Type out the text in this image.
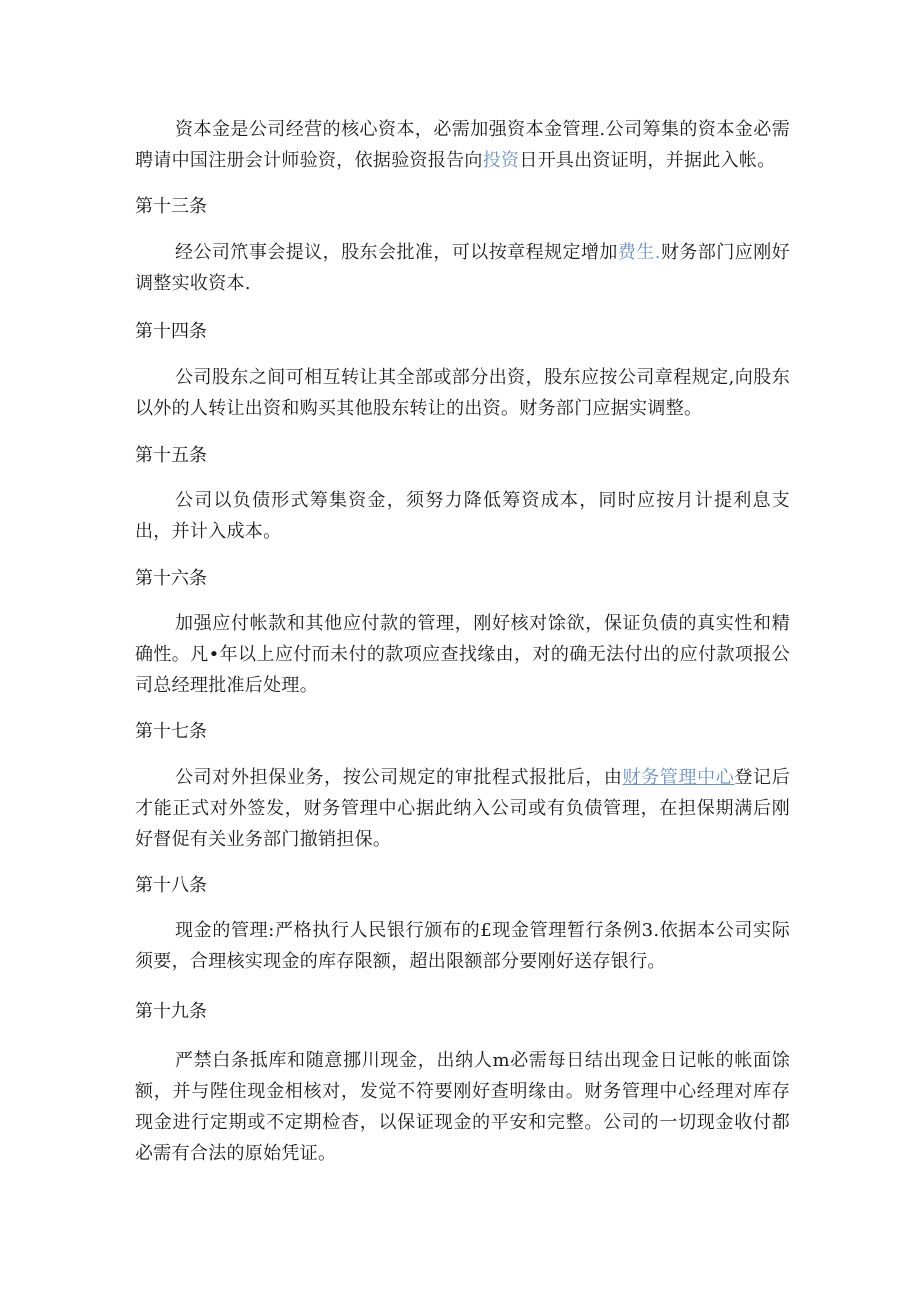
资本金是公司经营的核心资本，必需加强资本金管理.公司筹集的资本金必需聘请中国注册会计师验资，依据验资报告向投资日开具出资证明，并据此入帐。

第十三条

经公司笊事会提议，股东会批准，可以按章程规定增加费生.财务部门应刚好调整实收资本.

第十四条

公司股东之间可相互转让其全部或部分出资，股东应按公司章程规定,向股东以外的人转让出资和购买其他股东转让的出资。财务部门应据实调整。

第十五条

公司以负债形式筹集资金，须努力降低筹资成本，同时应按月计提利息支出，并计入成本。

第十六条

加强应付帐款和其他应付款的管理，刚好核对馀欲，保证负债的真实性和精确性。凡•年以上应付而未付的款项应查找缘由，对的确无法付出的应付款项报公司总经理批准后处理。

第十七条

公司对外担保业务，按公司规定的审批程式报批后，由财务管理中心登记后才能正式对外签发，财务管理中心据此纳入公司或有负债管理，在担保期满后刚好督促有关业务部门撤销担保。

第十八条

现金的管理:严格执行人民银行颁布的£现金管理暂行条例3.依据本公司实际须要，合理核实现金的库存限额，超出限额部分要刚好送存银行。

第十九条

严禁白条抵库和随意挪川现金，出纳人m必需每日结出现金日记帐的帐面馀额，并与陛住现金相核对，发觉不符要刚好查明缘由。财务管理中心经理对库存现金进行定期或不定期检杳，以保证现金的平安和完整。公司的一切现金收付都必需有合法的原始凭证。
